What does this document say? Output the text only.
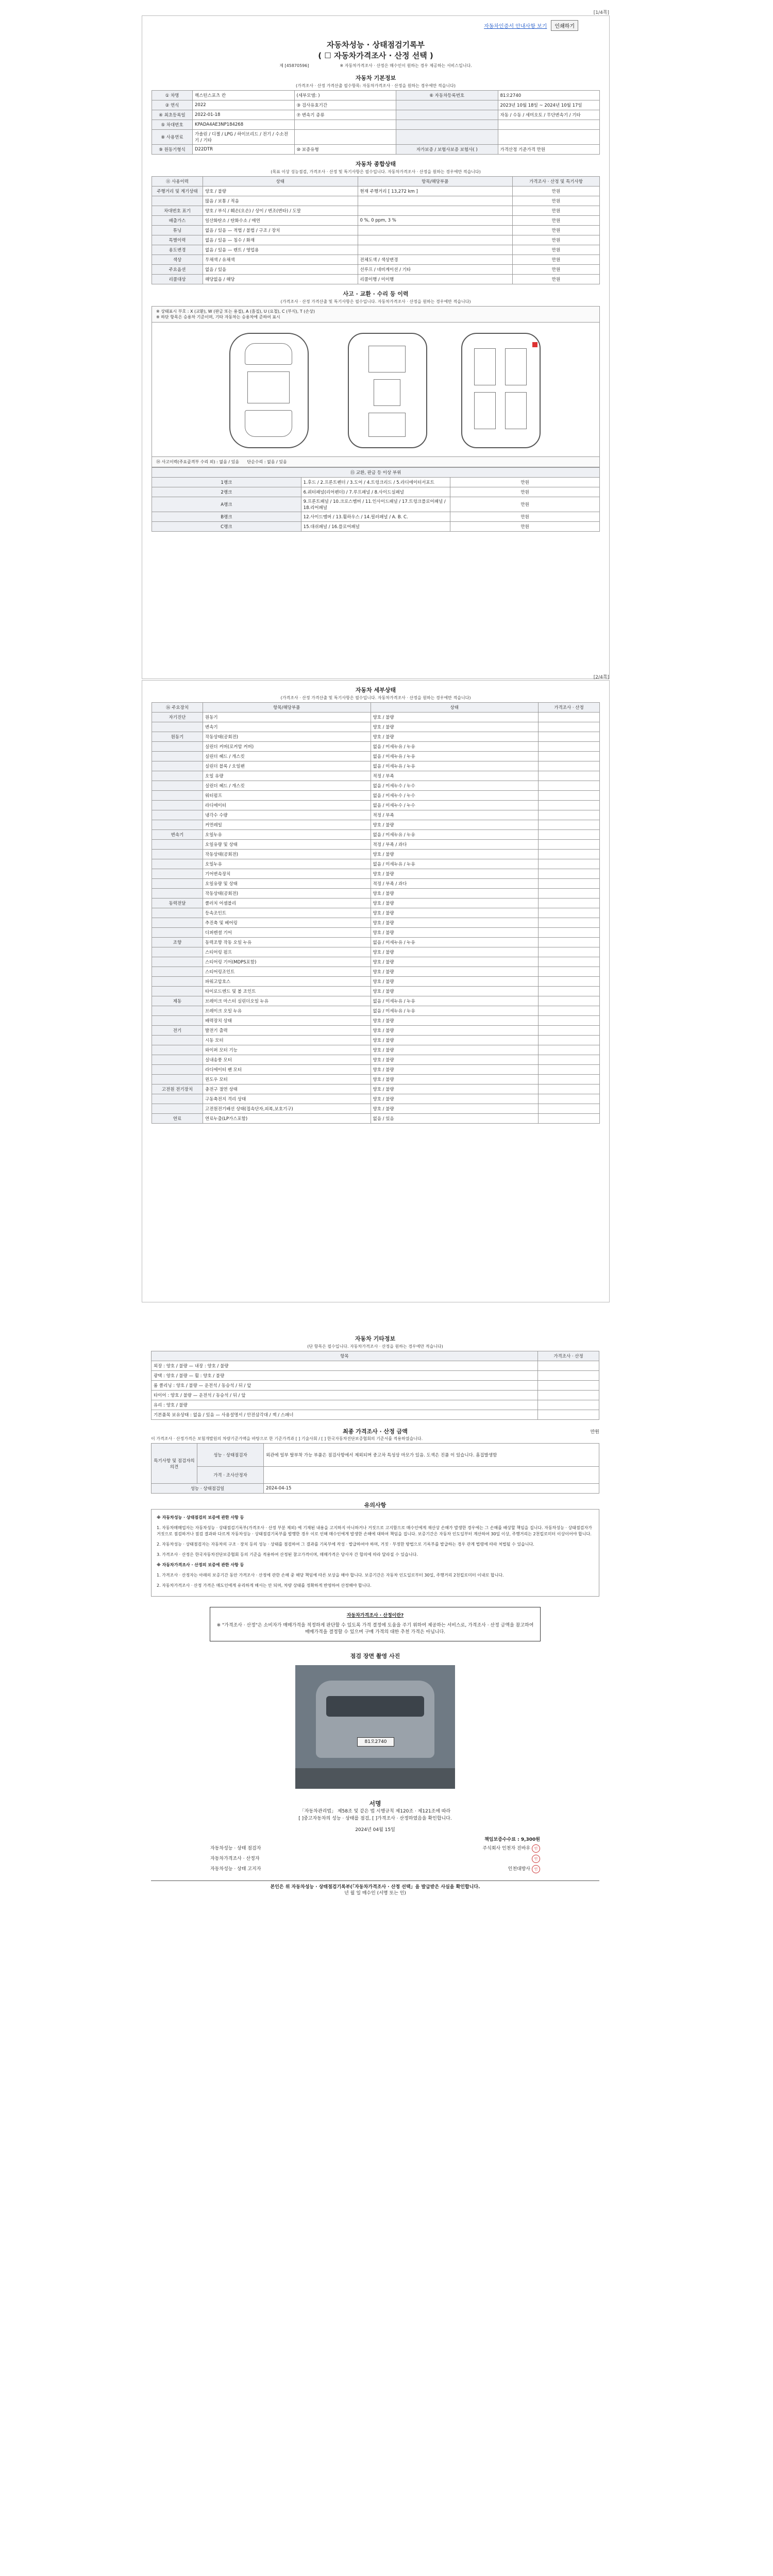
[1/4쪽]
자동차인증서 안내사항 보기	인쇄하기
자동차성능 · 상태점검기록부
( ☐ 자동차가격조사 · 산정 선택 )
제 [45870596]	※ 자동차가격조사 · 산정은 매수인이 원하는 경우 제공하는 서비스입니다.
자동차 기본정보
(가격조사 · 산정 가격산출 필수항목: 자동차가격조사 · 산정을 원하는 경우에만 적습니다)
① 차명	렉스턴스포츠 칸	(세부모델: )	⑥ 자동차등록번호	81오2740
② 연식	2022	③ 검사유효기간		2023년 10월 18일 ~ 2024년 10월 17일
④ 최초등록일	2022-01-18	⑦ 변속기 종류		자동 / 수동 / 세미오토 / 무단변속기 / 기타
⑤ 차대번호	KPADA4AE3NP184268			
⑧ 사용연료	가솔린 / 디젤 / LPG / 하이브리드 / 전기 / 수소전기 / 기타			
⑨ 원동기형식	D22DTR	⑩ 보증유형	자가보증 / 보험사보증 보험사( )	가격산정 기준가격 만원
자동차 종합상태
(목표 이상 성능점검, 가격조사 · 산정 및 특기사항은 필수입니다. 자동차가격조사 · 산정을 원하는 경우에만 적습니다)
⑪ 사용이력	상태	항목/해당부품	가격조사 · 산정 및 특기사항
주행거리 및 계기상태	양호 / 불량	현재 주행거리 [ 13,272 km ]	만원
	많음 / 보통 / 적음		만원
차대번호 표기	양호 / 부식 / 훼손(오손) / 상이 / 변조(변타) / 도말		만원
배출가스	일산화탄소 / 탄화수소 / 매연	0 %, 0 ppm, 3 %	만원
튜닝	없음 / 있음 — 적법 / 불법 / 구조 / 장치		만원
특별이력	없음 / 있음 — 침수 / 화재		만원
용도변경	없음 / 있음 — 렌트 / 영업용		만원
색상	무채색 / 유채색	전체도색 / 색상변경	만원
주요옵션	없음 / 있음	선루프 / 네비게이션 / 기타	만원
리콜대상	해당없음 / 해당	리콜이행 / 미이행	만원
사고 · 교환 · 수리 등 이력
(가격조사 · 산정 가격산출 및 특기사항은 필수입니다. 자동차가격조사 · 산정을 원하는 경우에만 적습니다)
※ 상태표시 부호 : X (교환), W (판금 또는 용접), A (흠집), U (요철), C (부식), T (손상)
※ 하단 항목은 승용차 기준이며, 기타 자동차는 승용차에 준하여 표시
⑭ 사고이력(주요골격부 수리 외) : 없음 / 있음 단순수리 : 없음 / 있음
⑮ 교환, 판금 등 이상 부위		
1랭크	1.후드 / 2.프론트펜더 / 3.도어 / 4.트렁크리드 / 5.라디에이터서포트	만원
2랭크	6.쿼터패널(리어펜더) / 7.루프패널 / 8.사이드실패널	만원
A랭크	9.프론트패널 / 10.크로스멤버 / 11.인사이드패널 / 17.트렁크플로어패널 / 18.리어패널	만원
B랭크	12.사이드멤버 / 13.휠하우스 / 14.필러패널 / A. B. C.	만원
C랭크	15.대쉬패널 / 16.플로어패널	만원
[2/4쪽]
자동차 세부상태
(가격조사 · 산정 가격산출 및 특기사항은 필수입니다. 자동차가격조사 · 산정을 원하는 경우에만 적습니다)
⑯ 주요장치	항목/해당부품	상태	가격조사 · 산정
자기진단	원동기	양호 / 불량	
	변속기	양호 / 불량	
원동기	작동상태(공회전)	양호 / 불량	
	실린더 커버(로커암 커버)	없음 / 미세누유 / 누유	
	실린더 헤드 / 개스킷	없음 / 미세누유 / 누유	
	실린더 블록 / 오일팬	없음 / 미세누유 / 누유	
	오일 유량	적정 / 부족	
	실린더 헤드 / 개스킷	없음 / 미세누수 / 누수	
	워터펌프	없음 / 미세누수 / 누수	
	라디에이터	없음 / 미세누수 / 누수	
	냉각수 수량	적정 / 부족	
	커먼레일	양호 / 불량	
변속기	오일누유	없음 / 미세누유 / 누유	
	오일유량 및 상태	적정 / 부족 / 과다	
	작동상태(공회전)	양호 / 불량	
	오일누유	없음 / 미세누유 / 누유	
	기어변속장치	양호 / 불량	
	오일유량 및 상태	적정 / 부족 / 과다	
	작동상태(공회전)	양호 / 불량	
동력전달	클러치 어셈블리	양호 / 불량	
	등속조인트	양호 / 불량	
	추진축 및 베어링	양호 / 불량	
	디퍼렌셜 기어	양호 / 불량	
조향	동력조향 작동 오일 누유	없음 / 미세누유 / 누유	
	스티어링 펌프	양호 / 불량	
	스티어링 기어(MDPS포함)	양호 / 불량	
	스티어링조인트	양호 / 불량	
	파워고압호스	양호 / 불량	
	타이로드엔드 및 볼 조인트	양호 / 불량	
제동	브레이크 마스터 실린더오일 누유	없음 / 미세누유 / 누유	
	브레이크 오일 누유	없음 / 미세누유 / 누유	
	배력장치 상태	양호 / 불량	
전기	발전기 출력	양호 / 불량	
	시동 모터	양호 / 불량	
	와이퍼 모터 기능	양호 / 불량	
	실내송풍 모터	양호 / 불량	
	라디에이터 팬 모터	양호 / 불량	
	윈도우 모터	양호 / 불량	
고전원 전기장치	충전구 절연 상태	양호 / 불량	
	구동축전지 격리 상태	양호 / 불량	
	고전원전기배선 상태(접속단자,피복,보호기구)	양호 / 불량	
연료	연료누출(LP가스포함)	없음 / 있음	
자동차 기타정보
(단 항목은 필수입니다. 자동차가격조사 · 산정을 원하는 경우에만 적습니다)
항목	가격조사 · 산정
외장 : 양호 / 불량 — 내장 : 양호 / 불량	
광택 : 양호 / 불량 — 휠 : 양호 / 불량	
룸 클리닝 : 양호 / 불량 — 운전석 / 동승석 / 뒤 / 앞	
타이어 : 양호 / 불량 — 운전석 / 동승석 / 뒤 / 앞	
유리 : 양호 / 불량	
기본품목 보유상태 : 없음 / 있음 — 사용설명서 / 안전삼각대 / 잭 / 스패너	
최종 가격조사 · 산정 금액	만원
이 가격조사 · 산정가격은 보험개발원의 차량기준가액을 바탕으로 한 기준가격과 [ ] 기술사회 / [ ] 한국자동차진단보증협회의 기준서를 적용하였습니다.
특기사항 및 점검자의 의견	성능 · 상태점검자	외관에 일부 탈부착 가능 부품은 점검사항에서 제외되며 중고차 특성상 마모가 있음. 도색은 진품 이 있습니다. 흠집발생함
	가격 · 조사산정자	
성능 · 상태점검일		2024-04-15
유의사항
※ 자동차성능 · 상태점검의 보증에 관한 사항 등

1. 자동차매매업자는 자동차성능 · 상태점검기록부(가격조사 · 산정 부분 제외) 에 기재된 내용을 고지하지 아니하거나 거짓으로 고지함으로 매수인에게 재산상 손해가 발생한 경우에는 그 손해를 배상할 책임을 집니다. 자동차성능 · 상태점검자가 거짓으로 점검하거나 점검 결과와 다르게 자동차성능 · 상태점검기록부를 발행한 경우 이로 인해 매수인에게 발생한 손해에 대하여 책임을 집니다. 보증기간은 자동차 인도일부터 계산하여 30일 이상, 주행거리는 2천킬로미터 이상이어야 합니다.

2. 자동차성능 · 상태점검자는 자동차의 구조 · 장치 등의 성능 · 상태를 점검하여 그 결과를 기록부에 작성 · 발급하여야 하며, 거짓 · 부정한 방법으로 기록부를 발급하는 경우 관계 법령에 따라 처벌될 수 있습니다.

3. 가격조사 · 산정은 한국자동차진단보증협회 등의 기준을 적용하여 산정된 참고가격이며, 매매가격은 당사자 간 합의에 따라 달라질 수 있습니다.

※ 자동차가격조사 · 산정의 보증에 관한 사항 등

1. 가격조사 · 산정자는 아래의 보증기간 동안 가격조사 · 산정에 관한 손해 중 해당 책임에 따른 보상을 해야 합니다. 보증기간은 자동차 인도일로부터 30일, 주행거리 2천킬로미터 이내로 합니다.

2. 자동차가격조사 · 산정 가격은 매도인에게 유리하게 해서는 안 되며, 차량 상태를 정확하게 반영하여 산정해야 합니다.

자동차가격조사 · 산정이란?
※ "가격조사 · 산정"은 소비자가 매매가격을 적정하게 판단할 수 있도록 가격 결정에 도움을 주기 위하여 제공하는 서비스로, 가격조사 · 산정 금액을 참고하여 매매가격을 결정할 수 있으며 구매 가격의 대한 추천 가격은 아닙니다.
점검 장면 촬영 사진
81오2740
서명
「자동차관리법」 제58조 및 같은 법 시행규칙 제120조 · 제121조에 따라
[ ]중고자동차의 성능 · 상태를 점검, [ ]가격조사 · 산정하였음을 확인합니다.
2024년 04월 15일
책임보증수수료 : 9,300원
자동차성능 · 상태 점검자	주식회사 인천자 진바우 인
자동차가격조사 · 산정자	인
자동차성능 · 상태 고지자	인천대방사 인
본인은 위 자동차성능 · 상태점검기록부(「자동차가격조사 · 산정 선택」을 발급받은 사실을 확인합니다.
년 월 일 매수인 (서명 또는 인)
